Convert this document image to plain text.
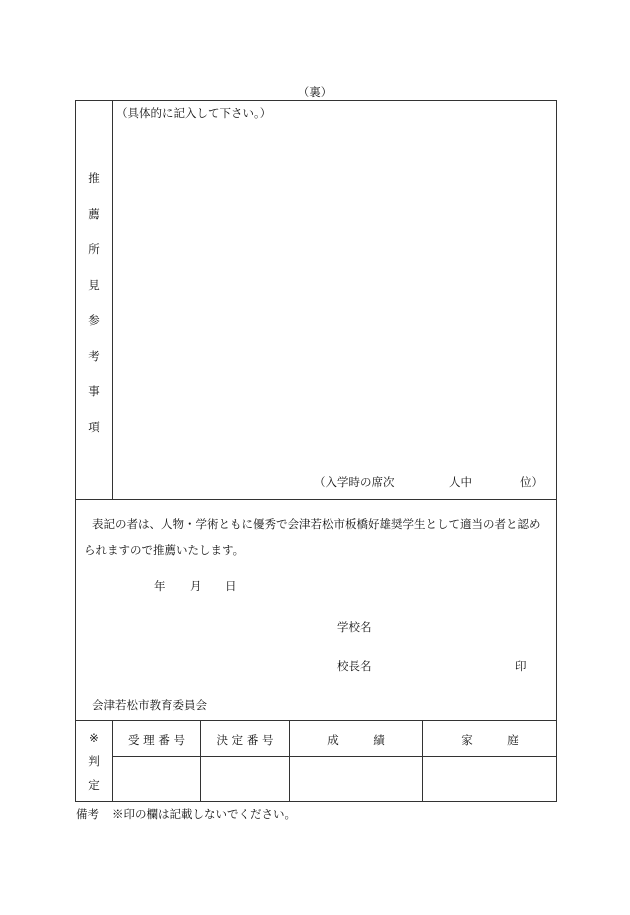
（裏）
推
薦
所
見
参
考
事
項
（具体的に記入して下さい。）
（入学時の席次	人中	位）
表記の者は、人物・学術ともに優秀で会津若松市板橋好雄奨学生として適当の者と認め
られますので推薦いたします。
年 月 日
学校名
校長名	印
会津若松市教育委員会
※
判
定
受 理 番 号	決 定 番 号	成　　　績	家　　　庭
備考 ※印の欄は記載しないでください。
